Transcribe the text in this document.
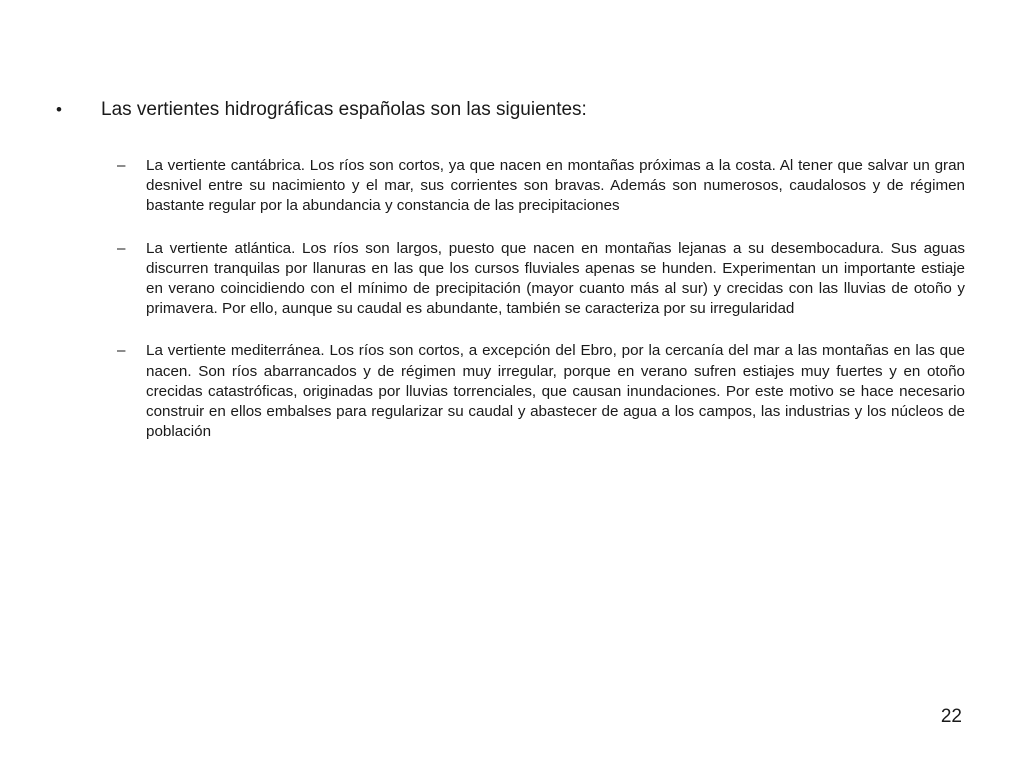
•	Las vertientes hidrográficas españolas son las siguientes:
–	La vertiente cantábrica. Los ríos son cortos, ya que nacen en montañas próximas a la costa. Al tener que salvar un gran desnivel entre su nacimiento y el mar, sus corrientes son bravas. Además son numerosos, caudalosos y de régimen bastante regular por la abundancia y constancia de las precipitaciones
–	La vertiente atlántica. Los ríos son largos, puesto que nacen en montañas lejanas a su desembocadura. Sus aguas discurren tranquilas por llanuras en las que los cursos fluviales apenas se hunden. Experimentan un importante estiaje en verano coincidiendo con el mínimo de precipitación (mayor cuanto más al sur) y crecidas con las lluvias de otoño y primavera. Por ello, aunque su caudal es abundante, también se caracteriza por su irregularidad
–	La vertiente mediterránea. Los ríos son cortos, a excepción del Ebro, por la cercanía del mar a las montañas en las que nacen. Son ríos abarrancados y de régimen muy irregular, porque en verano sufren estiajes muy fuertes y en otoño crecidas catastróficas, originadas por lluvias torrenciales, que causan inundaciones. Por este motivo se hace necesario construir en ellos embalses para regularizar su caudal y abastecer de agua a los campos, las industrias y los núcleos de población
22
